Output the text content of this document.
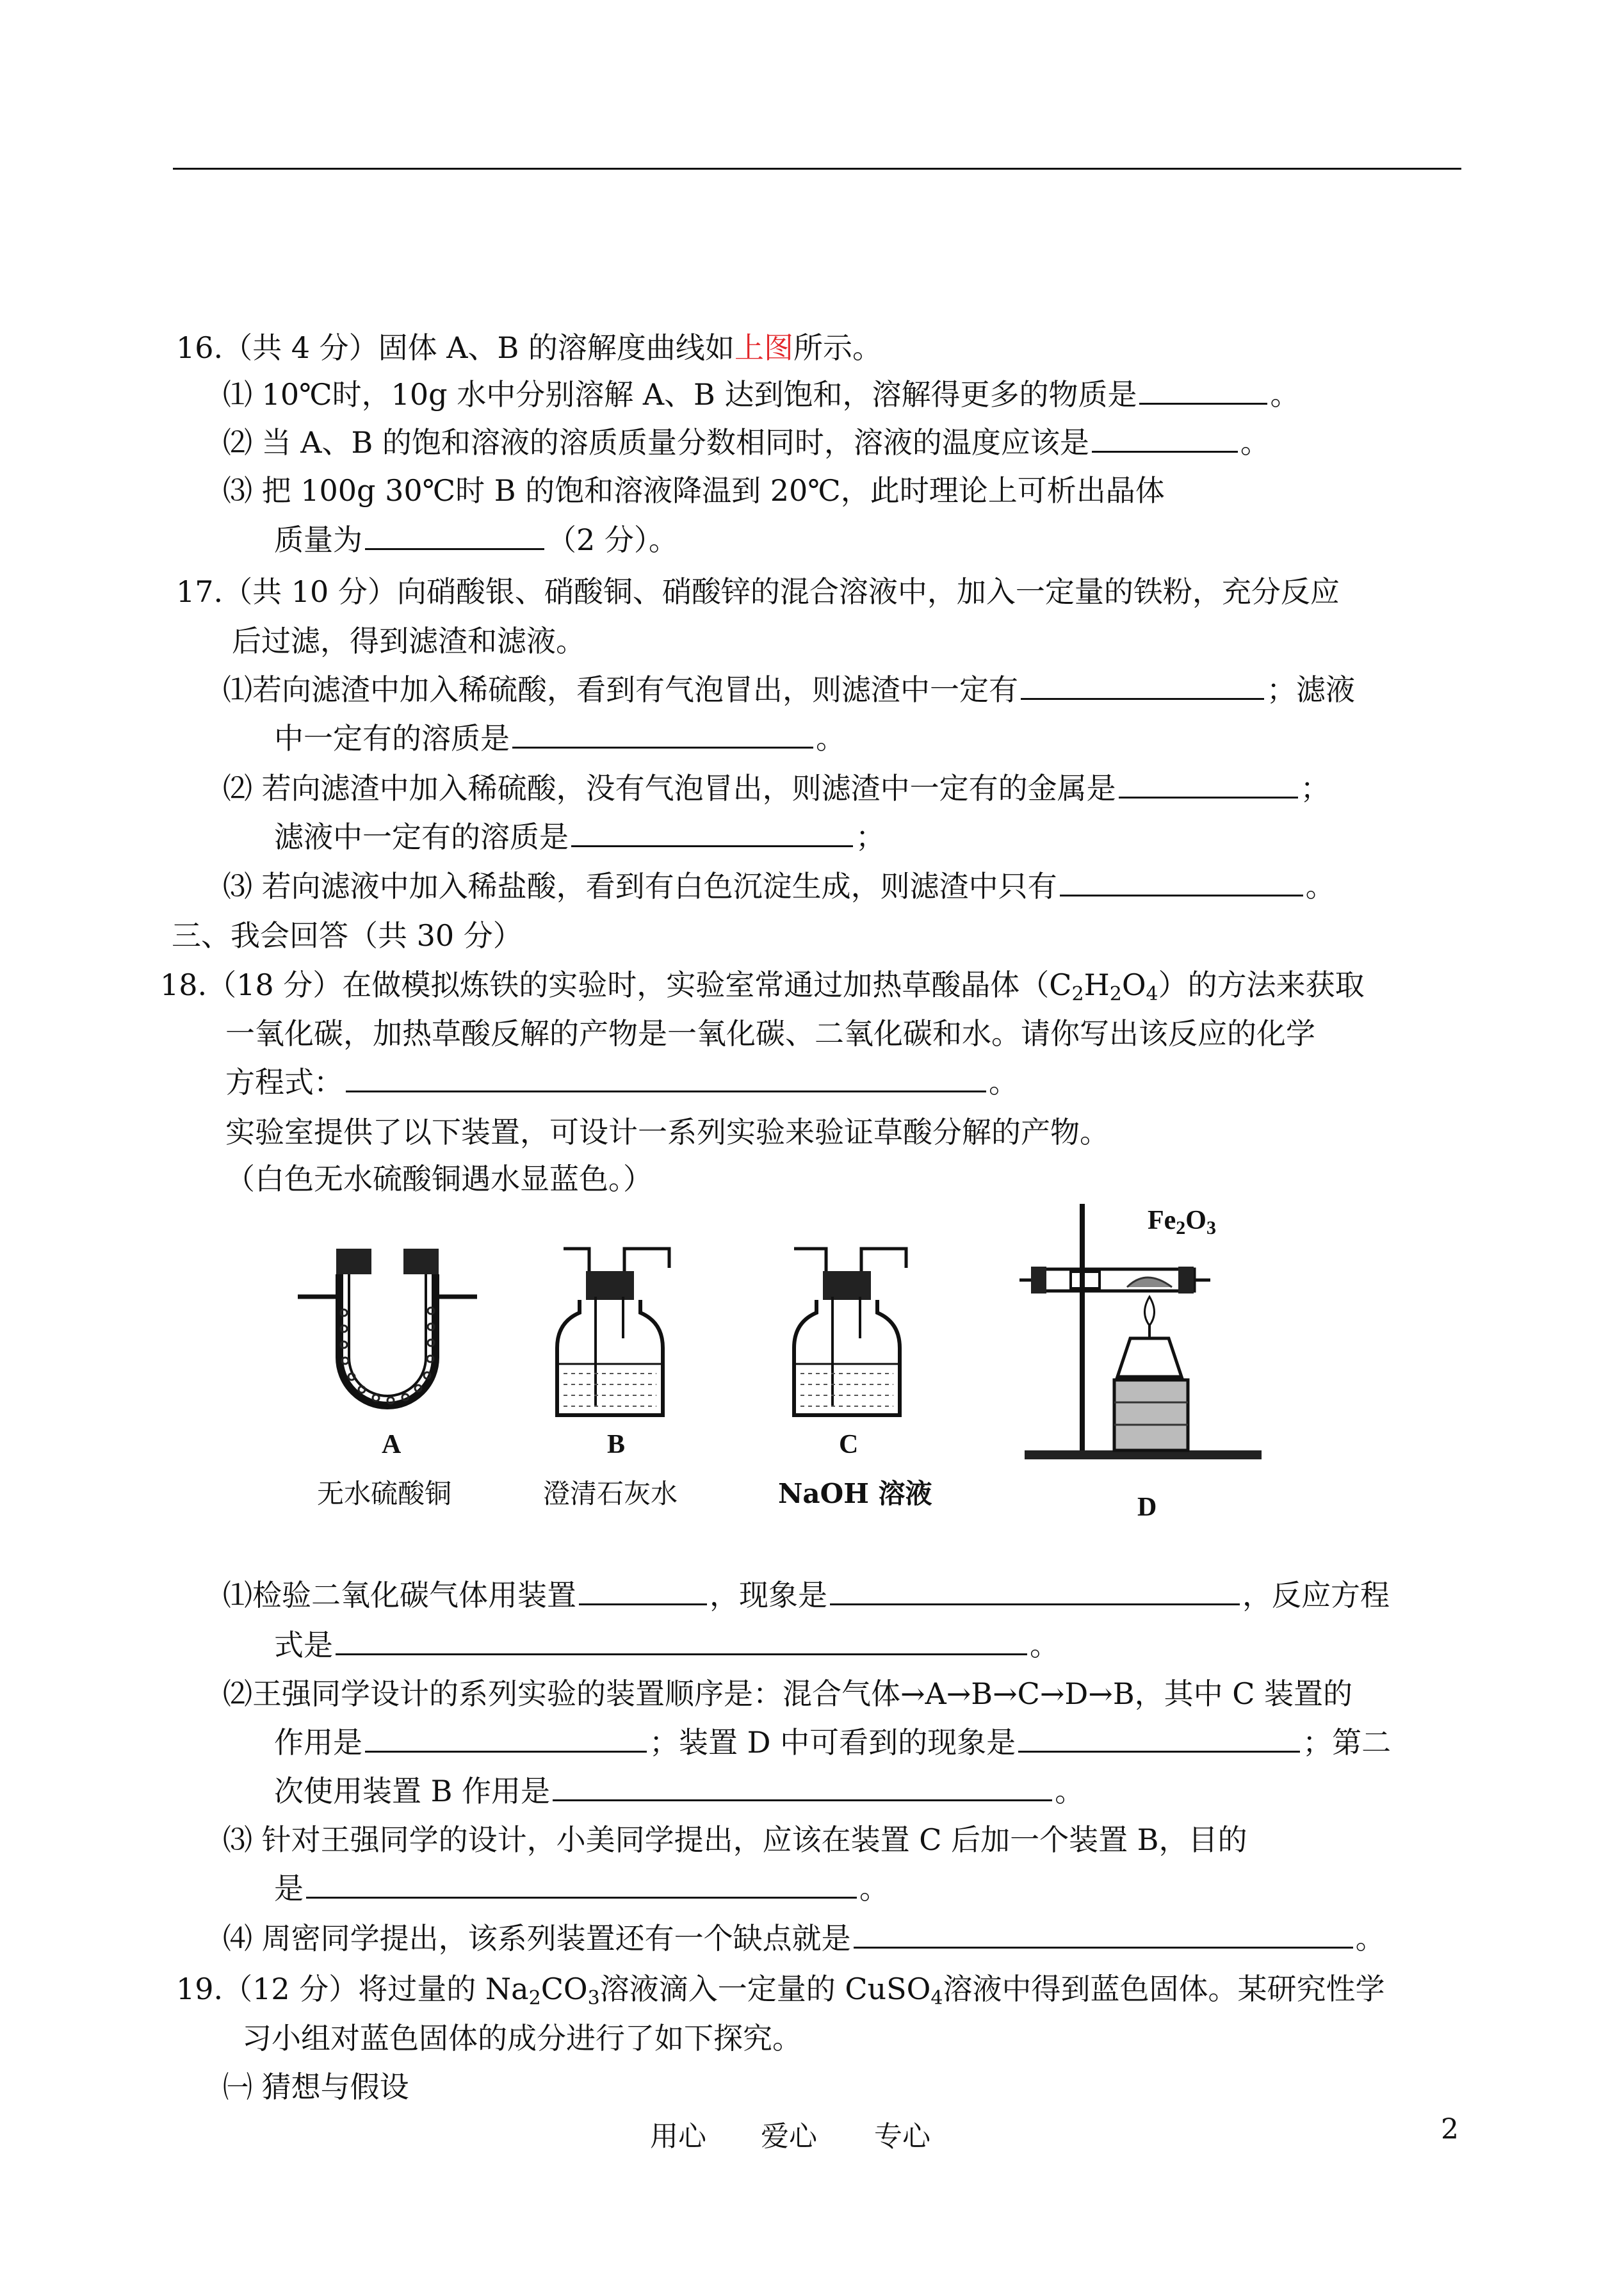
16.（共 4 分）固体 A、B 的溶解度曲线如上图所示。
⑴ 10℃时，10g 水中分别溶解 A、B 达到饱和，溶解得更多的物质是	。
⑵ 当 A、B 的饱和溶液的溶质质量分数相同时，溶液的温度应该是	。
⑶ 把 100g 30℃时 B 的饱和溶液降温到 20℃，此时理论上可析出晶体
质量为	（2 分）。
17.（共 10 分）向硝酸银、硝酸铜、硝酸锌的混合溶液中，加入一定量的铁粉，充分反应
后过滤，得到滤渣和滤液。
⑴若向滤渣中加入稀硫酸，看到有气泡冒出，则滤渣中一定有	；滤液
中一定有的溶质是	。
⑵ 若向滤渣中加入稀硫酸，没有气泡冒出，则滤渣中一定有的金属是	；
滤液中一定有的溶质是	；
⑶ 若向滤液中加入稀盐酸，看到有白色沉淀生成，则滤渣中只有	。
三、我会回答（共 30 分）
18.（18 分）在做模拟炼铁的实验时，实验室常通过加热草酸晶体$(C_2H_2O_4)$的方法来获取
一氧化碳，加热草酸反解的产物是一氧化碳、二氧化碳和水。请你写出该反应的化学
方程式：	。
实验室提供了以下装置，可设计一系列实验来验证草酸分解的产物。
（白色无水硫酸铜遇水显蓝色。）
A
无水硫酸铜
B
澄清石灰水
C
NaOH 溶液
$Fe_2O_3$
D
⑴检验二氧化碳气体用装置	，现象是	，反应方程
式是	。
⑵王强同学设计的系列实验的装置顺序是：混合气体→A→B→C→D→B，其中 C 装置的
作用是	；装置 D 中可看到的现象是	；第二
次使用装置 B 作用是	。
⑶ 针对王强同学的设计，小美同学提出，应该在装置 C 后加一个装置 B，目的
是	。
⑷ 周密同学提出，该系列装置还有一个缺点就是	。
19.（12 分）将过量的 $Na_2CO_3$溶液滴入一定量的 CuSO$_4$溶液中得到蓝色固体。某研究性学
习小组对蓝色固体的成分进行了如下探究。
㈠ 猜想与假设
用心 爱心 专心	2
